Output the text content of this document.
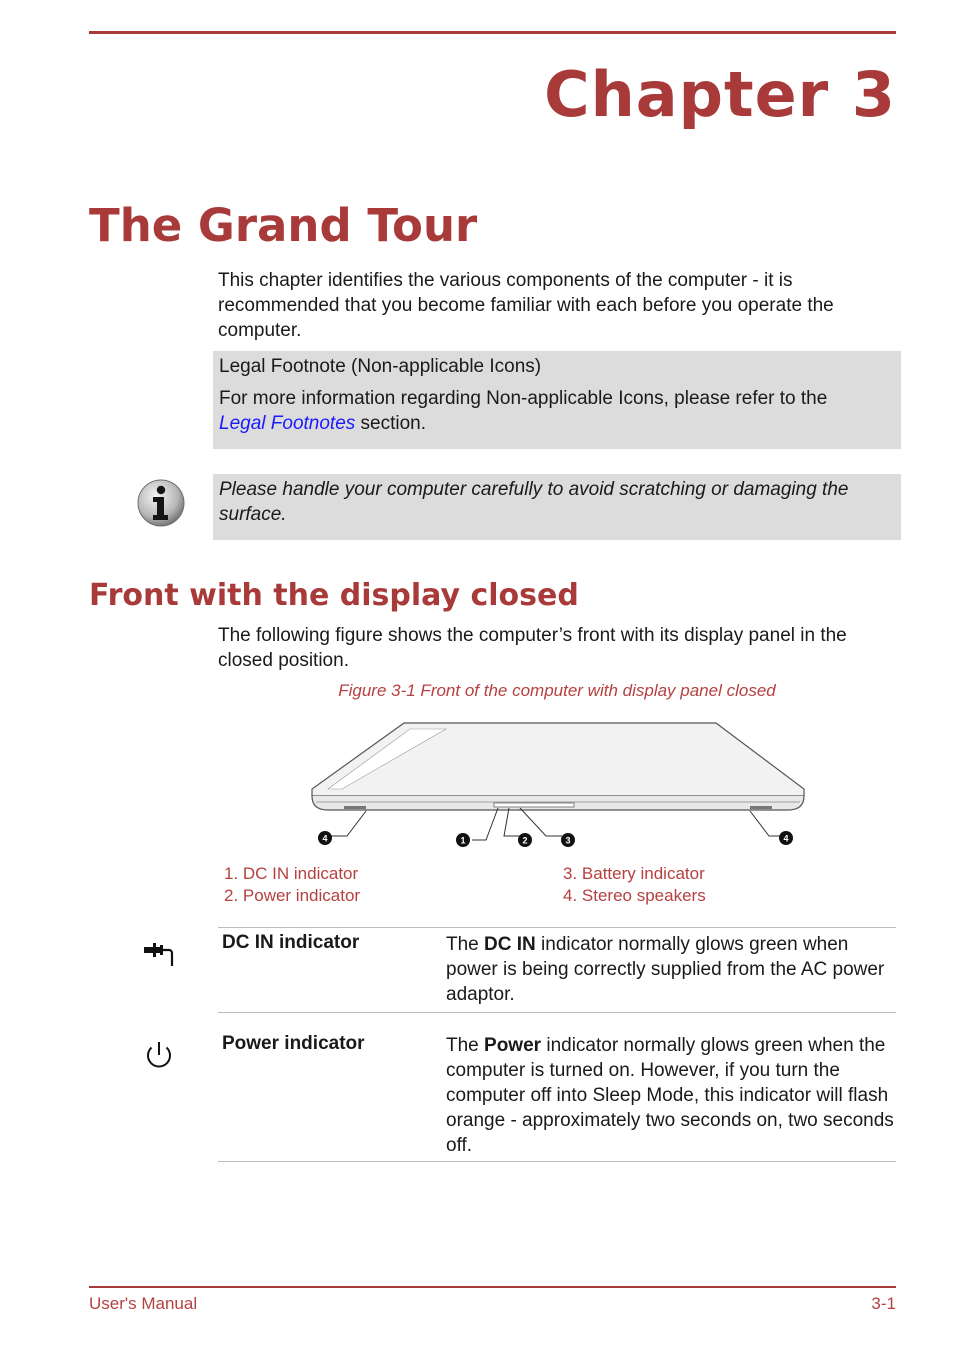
Chapter 3
The Grand Tour

This chapter identifies the various components of the computer - it is recommended that you become familiar with each before you operate the computer.

Legal Footnote (Non-applicable Icons)

For more information regarding Non-applicable Icons, please refer to the
Legal Footnotes section.

Please handle your computer carefully to avoid scratching or damaging the surface.

Front with the display closed

The following figure shows the computer’s front with its display panel in the closed position.

Figure 3-1 Front of the computer with display panel closed

4	1	2	3	4

1. DC IN indicator

2. Power indicator

3. Battery indicator

4. Stereo speakers

DC IN indicator	The DC IN indicator normally glows green when power is being correctly supplied from the AC power adaptor.

Power indicator	The Power indicator normally glows green when the computer is turned on. However, if you turn the computer off into Sleep Mode, this indicator will flash orange - approximately two seconds on, two seconds off.

User's Manual	3-1
